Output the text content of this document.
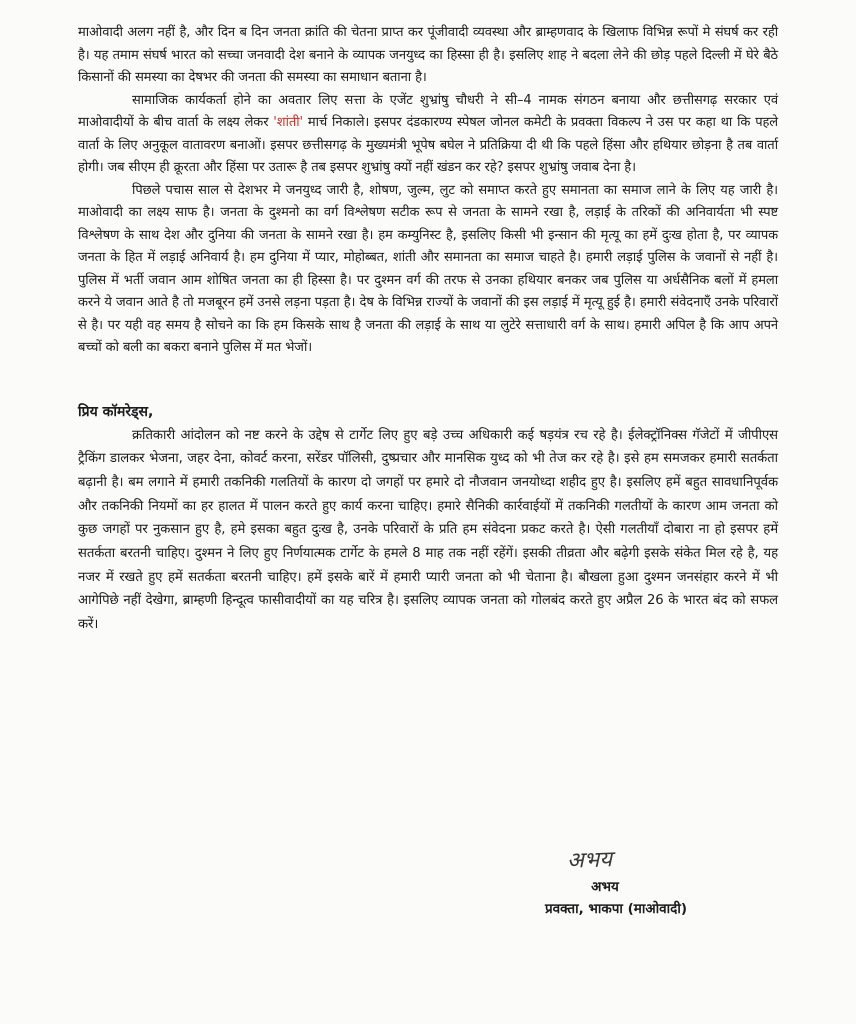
माओवादी अलग नहीं है, और दिन ब दिन जनता क्रांति की चेतना प्राप्त कर पूंजीवादी व्यवस्था और ब्राम्हणवाद के खिलाफ विभिन्न रूपों मे संघर्ष कर रही है। यह तमाम संघर्ष भारत को सच्चा जनवादी देश बनाने के व्यापक जनयुध्द का हिस्सा ही है। इसलिए शाह ने बदला लेने की छोड़ पहले दिल्ली में घेरे बैठे किसानों की समस्या का देषभर की जनता की समस्या का समाधान बताना है।

सामाजिक कार्यकर्ता होने का अवतार लिए सत्ता के एजेंट शुभ्रांषु चौधरी ने सी–4 नामक संगठन बनाया और छत्तीसगढ़ सरकार एवं माओवादीयों के बीच वार्ता के लक्ष्य लेकर 'शांती' मार्च निकाले। इसपर दंडकारण्य स्पेषल जोनल कमेटी के प्रवक्ता विकल्प ने उस पर कहा था कि पहले वार्ता के लिए अनुकूल वातावरण बनाओं। इसपर छत्तीसगढ़ के मुख्यमंत्री भूपेष बघेल ने प्रतिक्रिया दी थी कि पहले हिंसा और हथियार छोड़ना है तब वार्ता होगी। जब सीएम ही क्रूरता और हिंसा पर उतारू है तब इसपर शुभ्रांषु क्यों नहीं खंडन कर रहे? इसपर शुभ्रांषु जवाब देना है।

पिछले पचास साल से देशभर मे जनयुध्द जारी है, शोषण, जुल्म, लुट को समाप्त करते हुए समानता का समाज लाने के लिए यह जारी है। माओवादी का लक्ष्य साफ है। जनता के दुश्मनो का वर्ग विश्लेषण सटीक रूप से जनता के सामने रखा है, लड़ाई के तरिकों की अनिवार्यता भी स्पष्ट विश्लेषण के साथ देश और दुनिया की जनता के सामने रखा है। हम कम्युनिस्ट है, इसलिए किसी भी इन्सान की मृत्यू का हमें दुःख होता है, पर व्यापक जनता के हित में लड़ाई अनिवार्य है। हम दुनिया में प्यार, मोहोब्बत, शांती और समानता का समाज चाहते है। हमारी लड़ाई पुलिस के जवानों से नहीं है। पुलिस में भर्ती जवान आम शोषित जनता का ही हिस्सा है। पर दुश्मन वर्ग की तरफ से उनका हथियार बनकर जब पुलिस या अर्धसैनिक बलों में हमला करने ये जवान आते है तो मजबूरन हमें उनसे लड़ना पड़ता है। देष के विभिन्न राज्यों के जवानों की इस लड़ाई में मृत्यू हुई है। हमारी संवेदनाएँ उनके परिवारों से है। पर यही वह समय है सोचने का कि हम किसके साथ है जनता की लड़ाई के साथ या लुटेरे सत्ताधारी वर्ग के साथ। हमारी अपिल है कि आप अपने बच्चों को बली का बकरा बनाने पुलिस में मत भेजों।

प्रिय कॉमरेड्स,

क्रतिकारी आंदोलन को नष्ट करने के उद्देष से टार्गेट लिए हुए बड़े उच्च अधिकारी कई षड़यंत्र रच रहे है। ईलेक्ट्रॉनिक्स गॅजेटों में जीपीएस ट्रैकिंग डालकर भेजना, जहर देना, कोवर्ट करना, सरेंडर पॉलिसी, दुष्प्रचार और मानसिक युध्द को भी तेज कर रहे है। इसे हम समजकर हमारी सतर्कता बढ़ानी है। बम लगाने में हमारी तकनिकी गलतियों के कारण दो जगहों पर हमारे दो नौजवान जनयोध्दा शहीद हुए है। इसलिए हमें बहुत सावधानिपूर्वक और तकनिकी नियमों का हर हालत में पालन करते हुए कार्य करना चाहिए। हमारे सैनिकी कार्रवाईयों में तकनिकी गलतीयों के कारण आम जनता को कुछ जगहों पर नुकसान हुए है, हमे इसका बहुत दुःख है, उनके परिवारों के प्रति हम संवेदना प्रकट करते है। ऐसी गलतीयाँ दोबारा ना हो इसपर हमें सतर्कता बरतनी चाहिए। दुश्मन ने लिए हुए निर्णयात्मक टार्गेट के हमले 8 माह तक नहीं रहेंगें। इसकी तीव्रता और बढ़ेगी इसके संकेत मिल रहे है, यह नजर में रखते हुए हमें सतर्कता बरतनी चाहिए। हमें इसके बारें में हमारी प्यारी जनता को भी चेताना है। बौखला हुआ दुश्मन जनसंहार करने में भी आगेपिछे नहीं देखेगा, ब्राम्हणी हिन्दूत्व फासीवादीयों का यह चरित्र है। इसलिए व्यापक जनता को गोलबंद करते हुए अप्रैल 26 के भारत बंद को सफल करें।

अभय
अभय
प्रवक्ता, भाकपा (माओवादी)
